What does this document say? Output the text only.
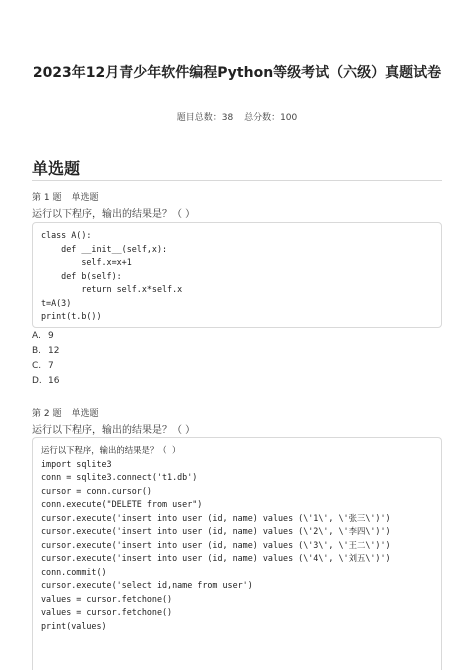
2023年12月青少年软件编程Python等级考试（六级）真题试卷
题目总数：38 总分数：100
单选题
第 1 题 单选题
运行以下程序，输出的结果是？（ ）
class A():
def __init__(self,x):
self.x=x+1
def b(self):
return self.x*self.x
t=A(3)
print(t.b())
A. 9
B. 12
C. 7
D. 16
第 2 题 单选题
运行以下程序，输出的结果是？（ ）
运行以下程序，输出的结果是？（  ）
import sqlite3
conn = sqlite3.connect('t1.db')
cursor = conn.cursor()
conn.execute("DELETE from user")
cursor.execute('insert into user (id, name) values (\'1\', \'张三\')')
cursor.execute('insert into user (id, name) values (\'2\', \'李四\')')
cursor.execute('insert into user (id, name) values (\'3\', \'王二\')')
cursor.execute('insert into user (id, name) values (\'4\', \'刘五\')')
conn.commit()
cursor.execute('select id,name from user')
values = cursor.fetchone()
values = cursor.fetchone()
print(values)
